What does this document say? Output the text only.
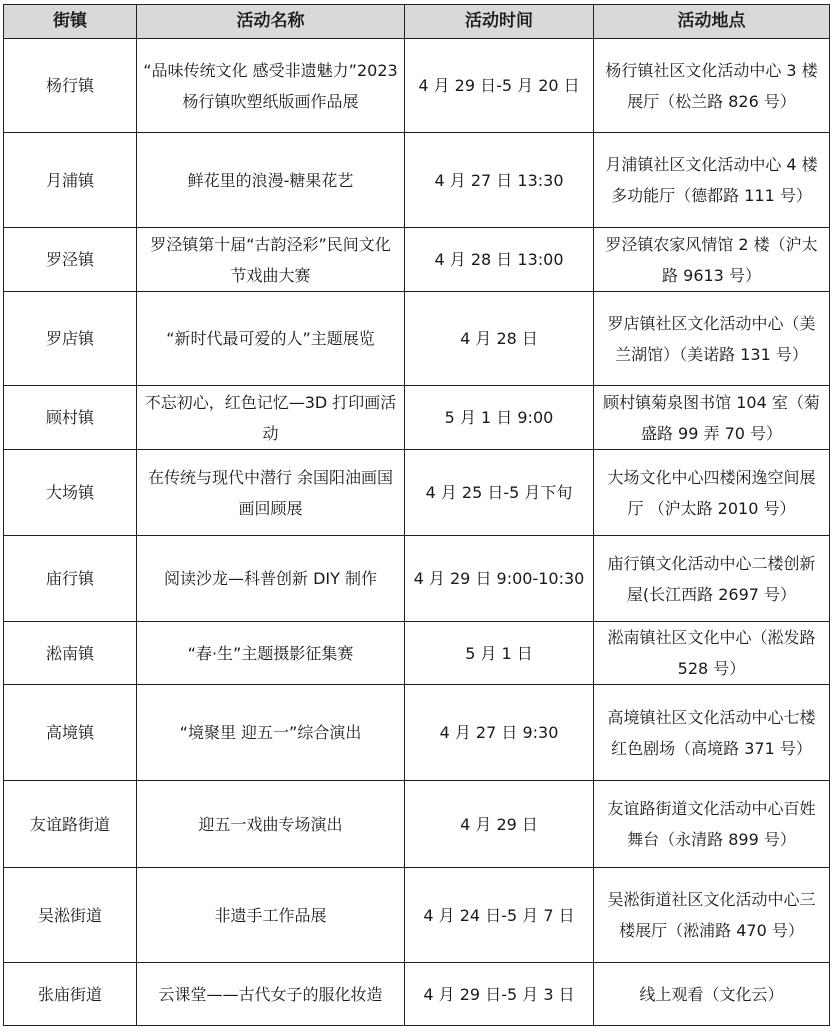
街镇	活动名称	活动时间	活动地点
杨行镇	“品味传统文化 感受非遗魅力”2023 杨行镇吹塑纸版画作品展	4 月 29 日-5 月 20 日	杨行镇社区文化活动中心 3 楼展厅（松兰路 826 号）
月浦镇	鲜花里的浪漫-糖果花艺	4 月 27 日 13:30	月浦镇社区文化活动中心 4 楼多功能厅（德都路 111 号）
罗泾镇	罗泾镇第十届“古韵泾彩”民间文化节戏曲大赛	4 月 28 日 13:00	罗泾镇农家风情馆 2 楼（沪太路 9613 号）
罗店镇	“新时代最可爱的人”主题展览	4 月 28 日	罗店镇社区文化活动中心（美兰湖馆）（美诺路 131 号）
顾村镇	不忘初心，红色记忆—3D 打印画活动	5 月 1 日 9:00	顾村镇菊泉图书馆 104 室（菊盛路 99 弄 70 号）
大场镇	在传统与现代中潜行 余国阳油画国画回顾展	4 月 25 日-5 月下旬	大场文化中心四楼闲逸空间展厅 （沪太路 2010 号）
庙行镇	阅读沙龙—科普创新 DIY 制作	4 月 29 日 9:00-10:30	庙行镇文化活动中心二楼创新屋(长江西路 2697 号）
淞南镇	“春·生”主题摄影征集赛	5 月 1 日	淞南镇社区文化中心（淞发路 528 号）
高境镇	“境聚里 迎五一”综合演出	4 月 27 日 9:30	高境镇社区文化活动中心七楼红色剧场（高境路 371 号）
友谊路街道	迎五一戏曲专场演出	4 月 29 日	友谊路街道文化活动中心百姓舞台（永清路 899 号）
吴淞街道	非遗手工作品展	4 月 24 日-5 月 7 日	吴淞街道社区文化活动中心三楼展厅（淞浦路 470 号）
张庙街道	云课堂——古代女子的服化妆造	4 月 29 日-5 月 3 日	线上观看（文化云）
